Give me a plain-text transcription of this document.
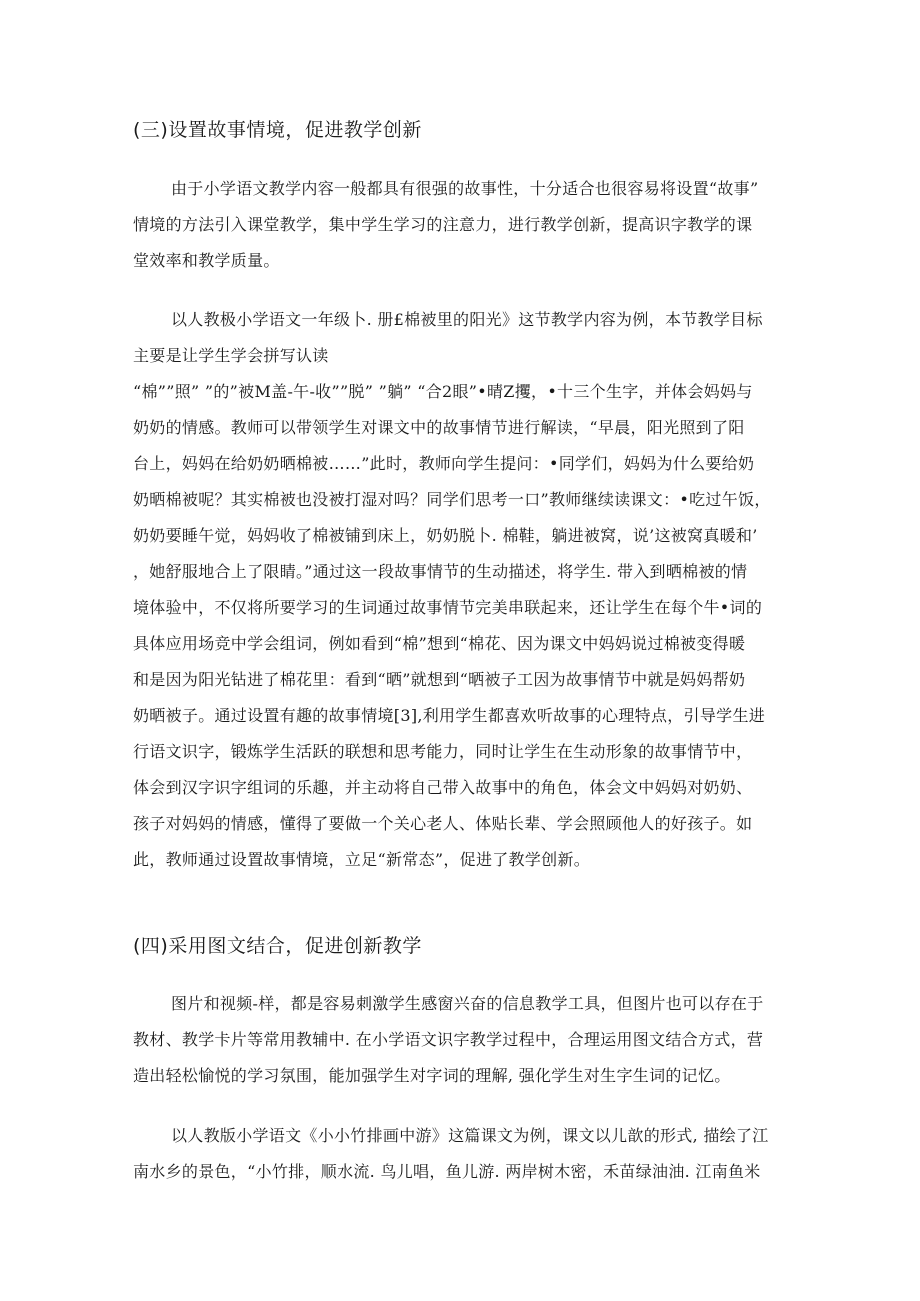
(三)设置故事情境，促进教学创新
由于小学语文教学内容一般都具有很强的故事性，十分适合也很容易将设置“故事”
情境的方法引入课堂教学，集中学生学习的注意力，进行教学创新，提高识字教学的课
堂效率和教学质量。
以人教极小学语文一年级卜. 册£棉被里的阳光》这节教学内容为例，本节教学目标
主要是让学生学会拼写认读
“棉””照” ”的”被M盖-午-收””脱” ”躺” “合2眼”•晴Z攫，•十三个生字，并体会妈妈与
奶奶的情感。教师可以带领学生对课文中的故事情节进行解读，“早晨，阳光照到了阳
台上，妈妈在给奶奶晒棉被……”此时，教师向学生提问：•同学们，妈妈为什么要给奶
奶晒棉被呢？其实棉被也没被打湿对吗？同学们思考一口”教师继续读课文：•吃过午饭，
奶奶要睡午觉，妈妈收了棉被铺到床上，奶奶脱卜. 棉鞋，躺进被窝，说’这被窝真暖和’
，她舒服地合上了限睛。”通过这一段故事情节的生动描述，将学生. 带入到晒棉被的情
境体验中，不仅将所要学习的生词通过故事情节完美串联起来，还让学生在每个牛•词的
具体应用场竞中学会组词，例如看到“棉”想到“棉花、因为课文中妈妈说过棉被变得暖
和是因为阳光钻进了棉花里：看到“晒”就想到“晒被子工因为故事情节中就是妈妈帮奶
奶晒被子。通过设置有趣的故事情境[3],利用学生都喜欢听故事的心理特点，引导学生进
行语文识字，锻炼学生活跃的联想和思考能力，同时让学生在生动形象的故事情节中，
体会到汉字识字组词的乐趣，并主动将自己带入故事中的角色，体会文中妈妈对奶奶、
孩子对妈妈的情感，懂得了要做一个关心老人、体贴长辈、学会照顾他人的好孩子。如
此，教师通过设置故事情境，立足“新常态”，促进了教学创新。
(四)采用图文结合，促进创新教学
图片和视频-样，都是容易刺激学生感窗兴奋的信息教学工具，但图片也可以存在于
教材、教学卡片等常用教辅中. 在小学语文识字教学过程中，合理运用图文结合方式，营
造出轻松愉悦的学习氛围，能加强学生对字词的理解, 强化学生对生字生词的记忆。
以人教版小学语文《小小竹排画中游》这篇课文为例，课文以儿歆的形式, 描绘了江
南水乡的景色，“小竹排，顺水流. 鸟儿唱，鱼儿游. 两岸树木密，禾苗绿油油. 江南鱼米
